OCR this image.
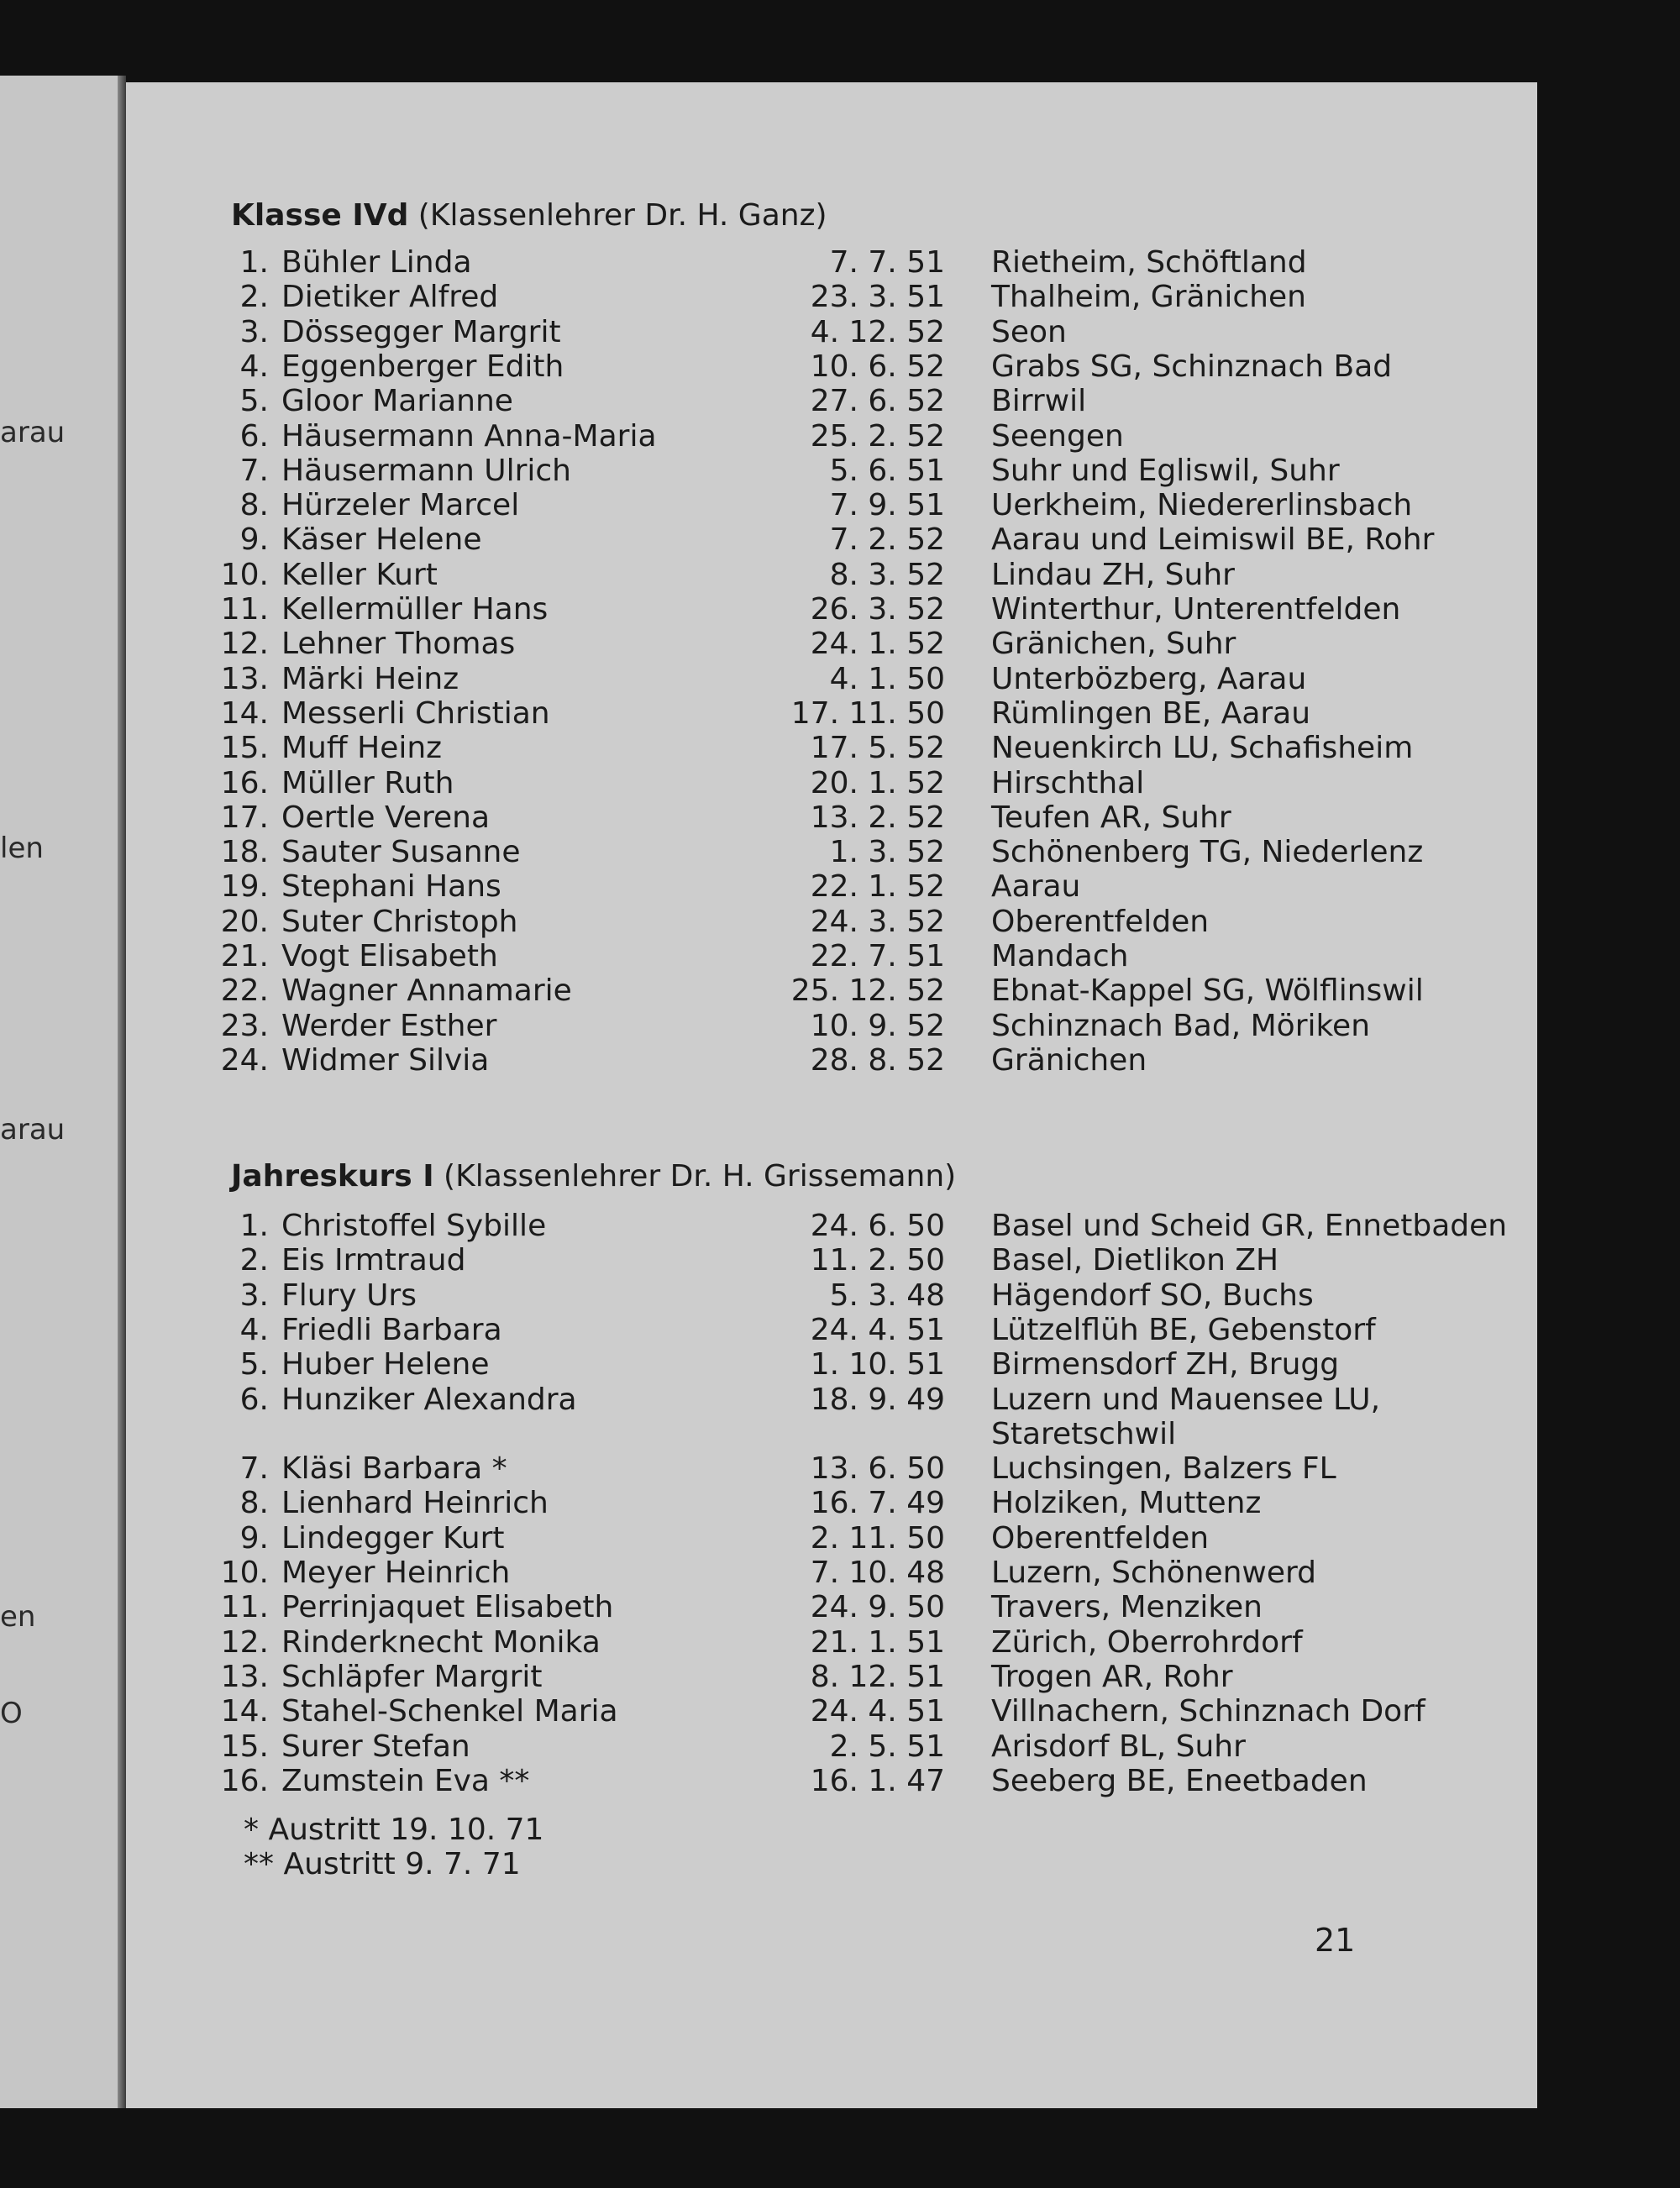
arau
len
arau
en
O
Klasse IVd (Klassenlehrer Dr. H. Ganz)
1. Bühler Linda	7. 7. 51 Rietheim, Schöftland
2. Dietiker Alfred	23. 3. 51 Thalheim, Gränichen
3. Dössegger Margrit	4. 12. 52 Seon
4. Eggenberger Edith	10. 6. 52 Grabs SG, Schinznach Bad
5. Gloor Marianne	27. 6. 52 Birrwil
6. Häusermann Anna-Maria	25. 2. 52 Seengen
7. Häusermann Ulrich	5. 6. 51 Suhr und Egliswil, Suhr
8. Hürzeler Marcel	7. 9. 51 Uerkheim, Niedererlinsbach
9. Käser Helene	7. 2. 52 Aarau und Leimiswil BE, Rohr
10. Keller Kurt	8. 3. 52 Lindau ZH, Suhr
11. Kellermüller Hans	26. 3. 52 Winterthur, Unterentfelden
12. Lehner Thomas	24. 1. 52 Gränichen, Suhr
13. Märki Heinz	4. 1. 50 Unterbözberg, Aarau
14. Messerli Christian	17. 11. 50 Rümlingen BE, Aarau
15. Muff Heinz	17. 5. 52 Neuenkirch LU, Schafisheim
16. Müller Ruth	20. 1. 52 Hirschthal
17. Oertle Verena	13. 2. 52 Teufen AR, Suhr
18. Sauter Susanne	1. 3. 52 Schönenberg TG, Niederlenz
19. Stephani Hans	22. 1. 52 Aarau
20. Suter Christoph	24. 3. 52 Oberentfelden
21. Vogt Elisabeth	22. 7. 51 Mandach
22. Wagner Annamarie	25. 12. 52 Ebnat-Kappel SG, Wölflinswil
23. Werder Esther	10. 9. 52 Schinznach Bad, Möriken
24. Widmer Silvia	28. 8. 52 Gränichen
Jahreskurs I (Klassenlehrer Dr. H. Grissemann)
1. Christoffel Sybille	24. 6. 50 Basel und Scheid GR, Ennetbaden
2. Eis Irmtraud	11. 2. 50 Basel, Dietlikon ZH
3. Flury Urs	5. 3. 48 Hägendorf SO, Buchs
4. Friedli Barbara	24. 4. 51 Lützelflüh BE, Gebenstorf
5. Huber Helene	1. 10. 51 Birmensdorf ZH, Brugg
6. Hunziker Alexandra	18. 9. 49 Luzern und Mauensee LU,
Staretschwil
7. Kläsi Barbara *	13. 6. 50 Luchsingen, Balzers FL
8. Lienhard Heinrich	16. 7. 49 Holziken, Muttenz
9. Lindegger Kurt	2. 11. 50 Oberentfelden
10. Meyer Heinrich	7. 10. 48 Luzern, Schönenwerd
11. Perrinjaquet Elisabeth	24. 9. 50 Travers, Menziken
12. Rinderknecht Monika	21. 1. 51 Zürich, Oberrohrdorf
13. Schläpfer Margrit	8. 12. 51 Trogen AR, Rohr
14. Stahel-Schenkel Maria	24. 4. 51 Villnachern, Schinznach Dorf
15. Surer Stefan	2. 5. 51 Arisdorf BL, Suhr
16. Zumstein Eva **	16. 1. 47 Seeberg BE, Eneetbaden
* Austritt 19. 10. 71
** Austritt 9. 7. 71
21
